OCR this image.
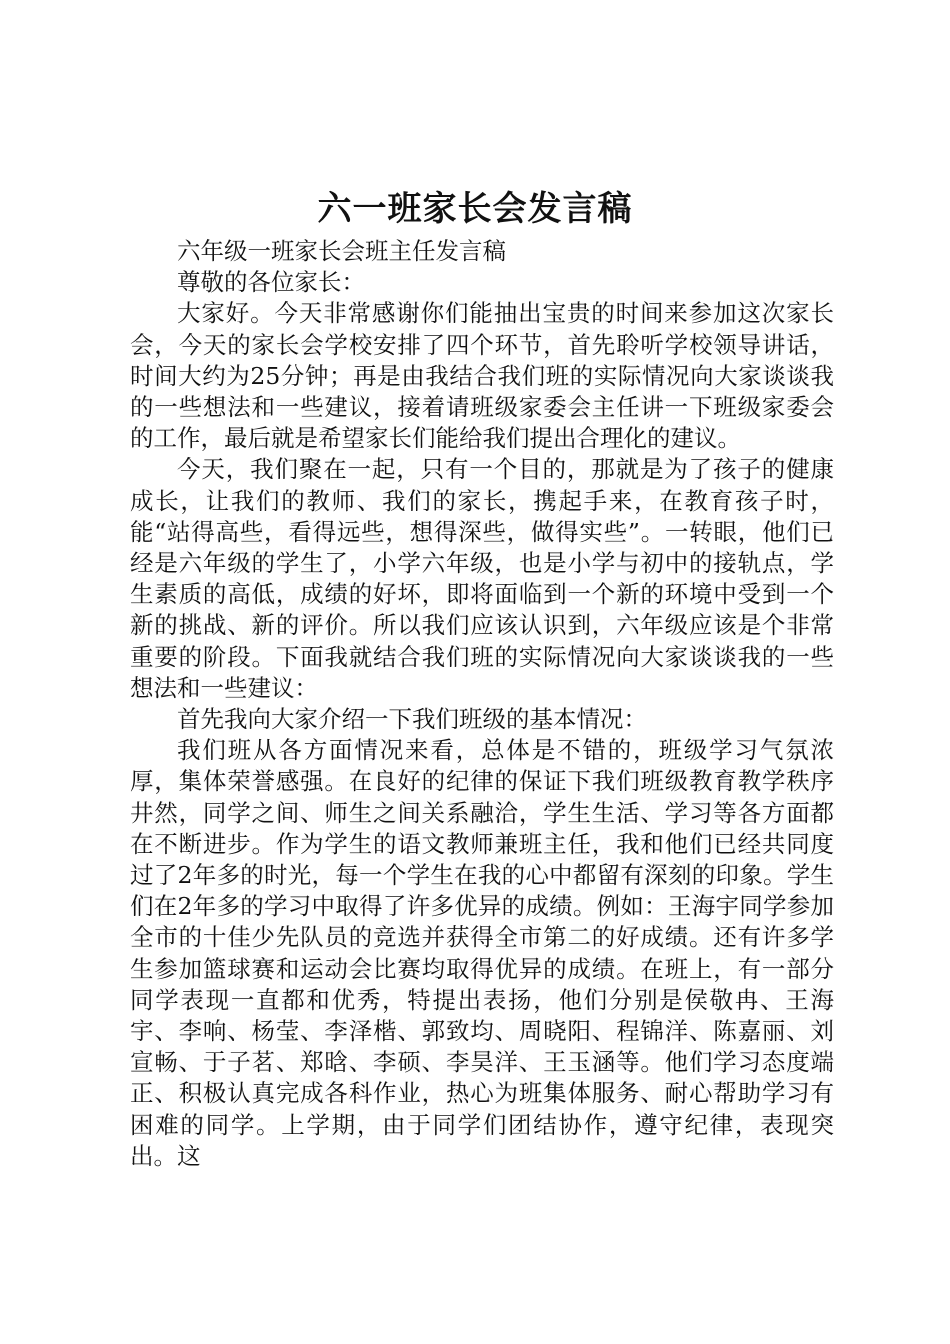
六一班家长会发言稿

六年级一班家长会班主任发言稿

尊敬的各位家长：

大家好。今天非常感谢你们能抽出宝贵的时间来参加这次家长会，今天的家长会学校安排了四个环节，首先聆听学校领导讲话，时间大约为25分钟；再是由我结合我们班的实际情况向大家谈谈我的一些想法和一些建议，接着请班级家委会主任讲一下班级家委会的工作，最后就是希望家长们能给我们提出合理化的建议。

今天，我们聚在一起，只有一个目的，那就是为了孩子的健康成长，让我们的教师、我们的家长，携起手来，在教育孩子时，能“站得高些，看得远些，想得深些，做得实些”。一转眼，他们已经是六年级的学生了，小学六年级，也是小学与初中的接轨点，学生素质的高低，成绩的好坏，即将面临到一个新的环境中受到一个新的挑战、新的评价。所以我们应该认识到，六年级应该是个非常重要的阶段。下面我就结合我们班的实际情况向大家谈谈我的一些想法和一些建议：

首先我向大家介绍一下我们班级的基本情况：

我们班从各方面情况来看，总体是不错的，班级学习气氛浓厚，集体荣誉感强。在良好的纪律的保证下我们班级教育教学秩序井然，同学之间、师生之间关系融洽，学生生活、学习等各方面都在不断进步。作为学生的语文教师兼班主任，我和他们已经共同度过了2年多的时光，每一个学生在我的心中都留有深刻的印象。学生们在2年多的学习中取得了许多优异的成绩。例如：王海宇同学参加全市的十佳少先队员的竞选并获得全市第二的好成绩。还有许多学生参加篮球赛和运动会比赛均取得优异的成绩。在班上，有一部分同学表现一直都和优秀，特提出表扬，他们分别是侯敬冉、王海宇、李响、杨莹、李泽楷、郭致均、周晓阳、程锦洋、陈嘉丽、刘宣畅、于子茗、郑晗、李硕、李昊洋、王玉涵等。他们学习态度端正、积极认真完成各科作业，热心为班集体服务、耐心帮助学习有困难的同学。上学期，由于同学们团结协作，遵守纪律，表现突出。这
